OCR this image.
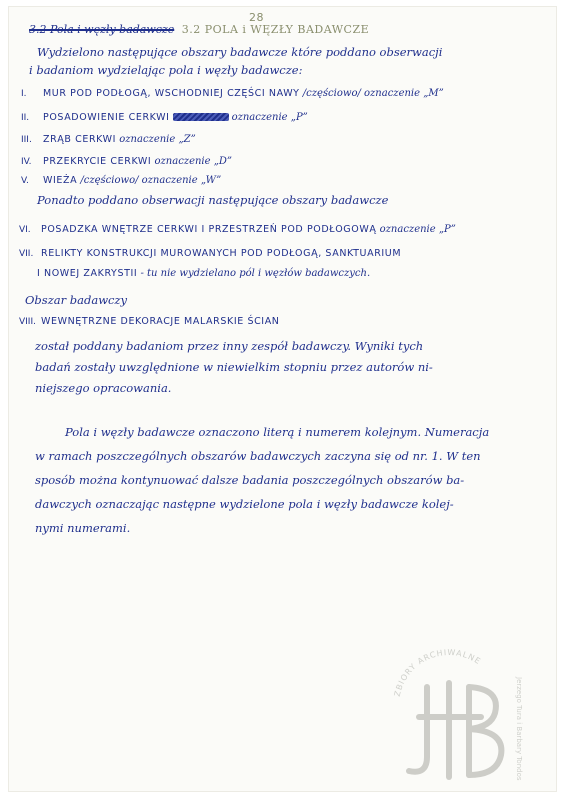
28
3.2 Pola i węzły badawcze 3.2 POLA i WĘZŁY BADAWCZE
Wydzielono następujące obszary badawcze które poddano obserwacji
i badaniom wydzielając pola i węzły badawcze:
I. MUR POD PODŁOGĄ, WSCHODNIEJ CZĘŚCI NAWY /częściowo/ oznaczenie „M”
II. POSADOWIENIE CERKWI	oznaczenie „P”
III. ZRĄB CERKWI oznaczenie „Z”
IV. PRZEKRYCIE CERKWI oznaczenie „D”
V. WIEŻA /częściowo/ oznaczenie „W”
Ponadto poddano obserwacji następujące obszary badawcze
VI. POSADZKA WNĘTRZE CERKWI I PRZESTRZEŃ POD PODŁOGOWĄ oznaczenie „P”
VII. RELIKTY KONSTRUKCJI MUROWANYCH POD PODŁOGĄ, SANKTUARIUM
I NOWEJ ZAKRYSTII - tu nie wydzielano pól i węzłów badawczych.
Obszar badawczy
VIII. WEWNĘTRZNE DEKORACJE MALARSKIE ŚCIAN
został poddany badaniom przez inny zespół badawczy. Wyniki tych
badań zostały uwzględnione w niewielkim stopniu przez autorów ni-
niejszego opracowania.
Pola i węzły badawcze oznaczono literą i numerem kolejnym. Numeracja
w ramach poszczególnych obszarów badawczych zaczyna się od nr. 1. W ten
sposób można kontynuować dalsze badania poszczególnych obszarów ba-
dawczych oznaczając następne wydzielone pola i węzły badawcze kolej-
nymi numerami.
ZBIORY ARCHIWALNE
Jerzego Tura i Barbary Tondos
